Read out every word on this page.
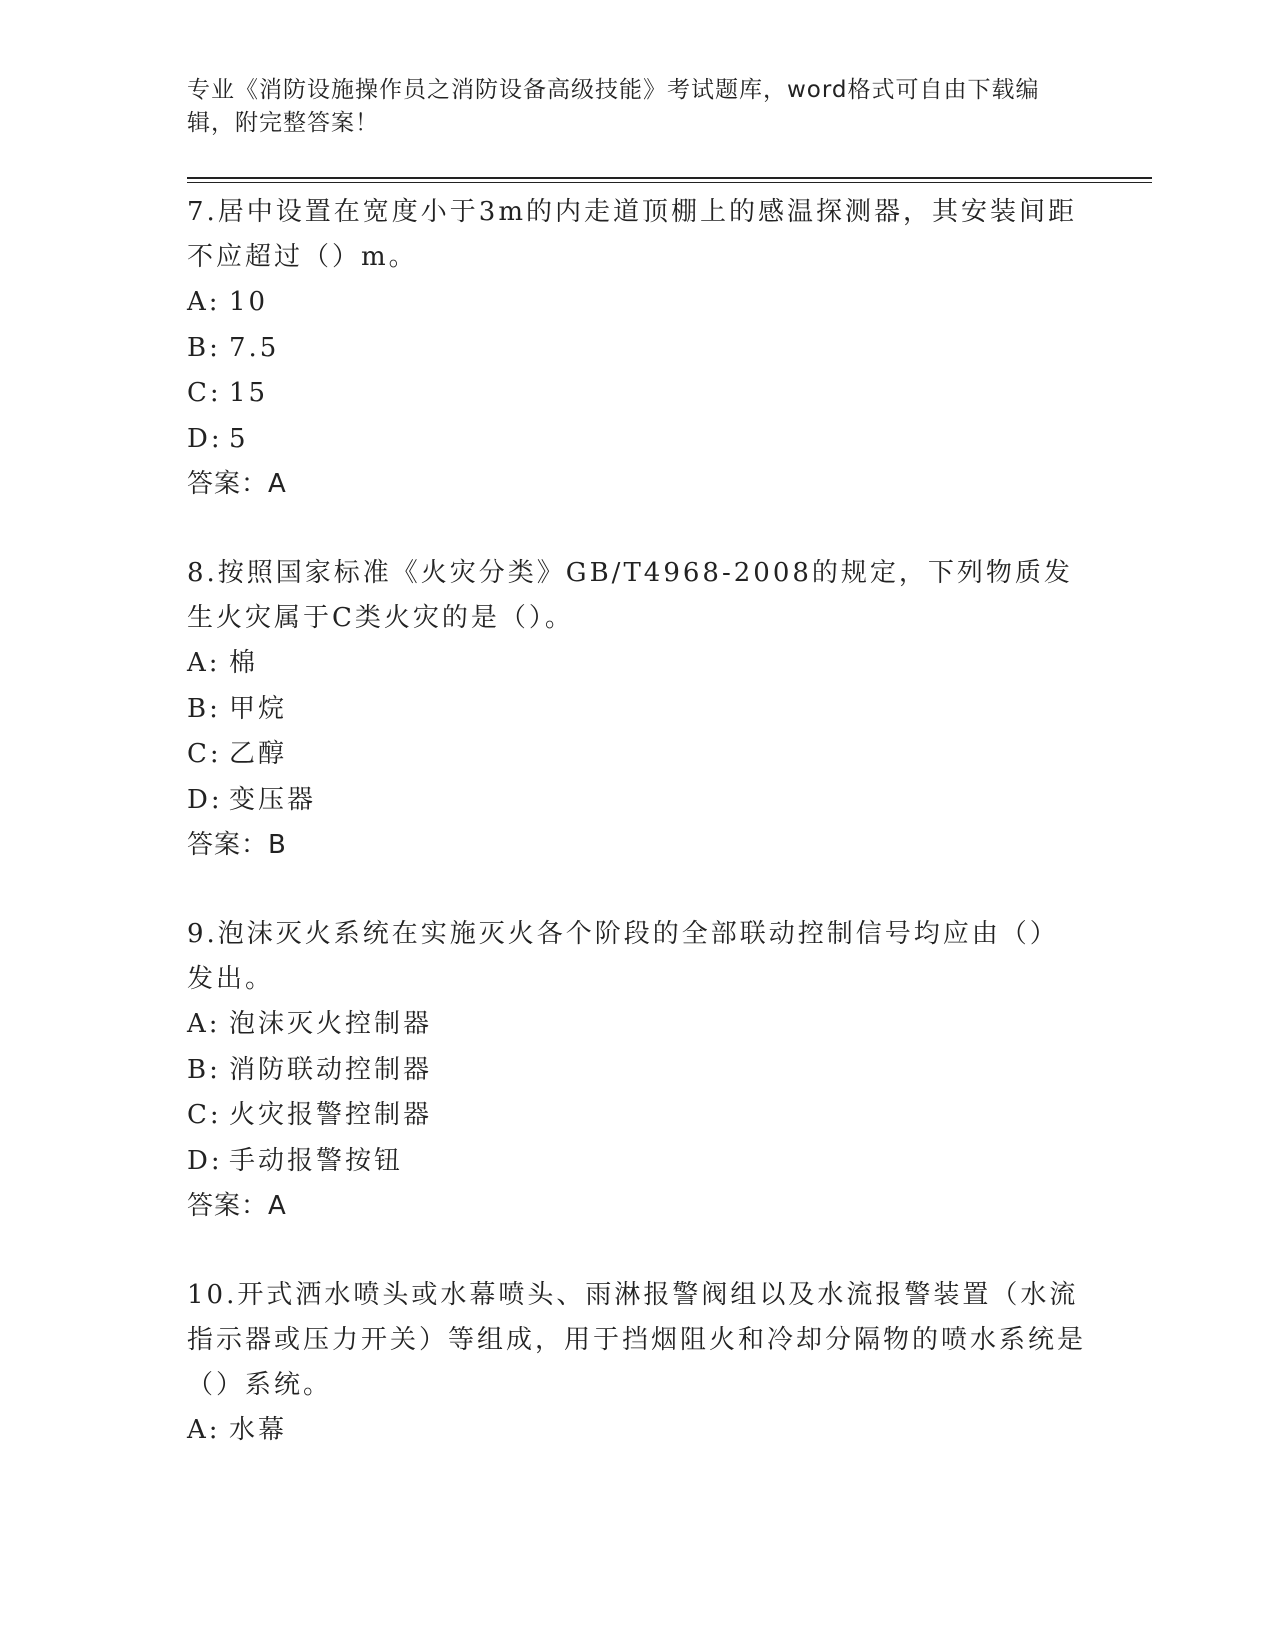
专业《消防设施操作员之消防设备高级技能》考试题库，word格式可自由下载编辑，附完整答案！

7.居中设置在宽度小于3m的内走道顶棚上的感温探测器，其安装间距不应超过（）m。

A: 10

B: 7.5

C: 15

D: 5

答案：A

8.按照国家标准《火灾分类》GB/T4968-2008的规定，下列物质发生火灾属于C类火灾的是（）。

A: 棉

B: 甲烷

C: 乙醇

D: 变压器

答案：B

9.泡沫灭火系统在实施灭火各个阶段的全部联动控制信号均应由（）发出。

A: 泡沫灭火控制器

B: 消防联动控制器

C: 火灾报警控制器

D: 手动报警按钮

答案：A

10.开式洒水喷头或水幕喷头、雨淋报警阀组以及水流报警装置（水流指示器或压力开关）等组成，用于挡烟阻火和冷却分隔物的喷水系统是（）系统。

A: 水幕
